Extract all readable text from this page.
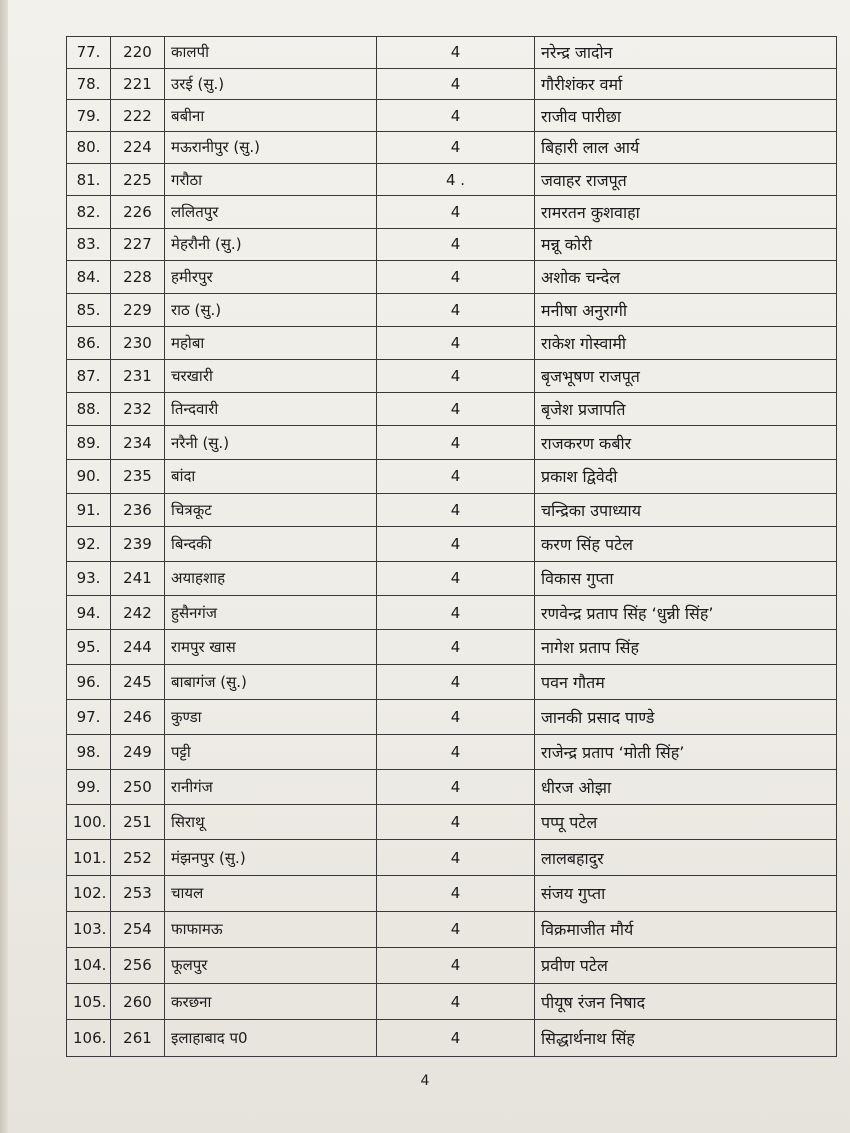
77.	220	कालपी	4	नरेन्द्र जादोन
78.	221	उरई (सु.)	4	गौरीशंकर वर्मा
79.	222	बबीना	4	राजीव पारीछा
80.	224	मऊरानीपुर (सु.)	4	बिहारी लाल आर्य
81.	225	गरौठा	4 .	जवाहर राजपूत
82.	226	ललितपुर	4	रामरतन कुशवाहा
83.	227	मेहरौनी (सु.)	4	मन्नू कोरी
84.	228	हमीरपुर	4	अशोक चन्देल
85.	229	राठ (सु.)	4	मनीषा अनुरागी
86.	230	महोबा	4	राकेश गोस्वामी
87.	231	चरखारी	4	बृजभूषण राजपूत
88.	232	तिन्दवारी	4	बृजेश प्रजापति
89.	234	नरैनी (सु.)	4	राजकरण कबीर
90.	235	बांदा	4	प्रकाश द्विवेदी
91.	236	चित्रकूट	4	चन्द्रिका उपाध्याय
92.	239	बिन्दकी	4	करण सिंह पटेल
93.	241	अयाहशाह	4	विकास गुप्ता
94.	242	हुसैनगंज	4	रणवेन्द्र प्रताप सिंह ‘धुन्नी सिंह’
95.	244	रामपुर खास	4	नागेश प्रताप सिंह
96.	245	बाबागंज (सु.)	4	पवन गौतम
97.	246	कुण्डा	4	जानकी प्रसाद पाण्डे
98.	249	पट्टी	4	राजेन्द्र प्रताप ‘मोती सिंह’
99.	250	रानीगंज	4	धीरज ओझा
100.	251	सिराथू	4	पप्पू पटेल
101.	252	मंझनपुर (सु.)	4	लालबहादुर
102.	253	चायल	4	संजय गुप्ता
103.	254	फाफामऊ	4	विक्रमाजीत मौर्य
104.	256	फूलपुर	4	प्रवीण पटेल
105.	260	करछना	4	पीयूष रंजन निषाद
106.	261	इलाहाबाद प0	4	सिद्धार्थनाथ सिंह
4
